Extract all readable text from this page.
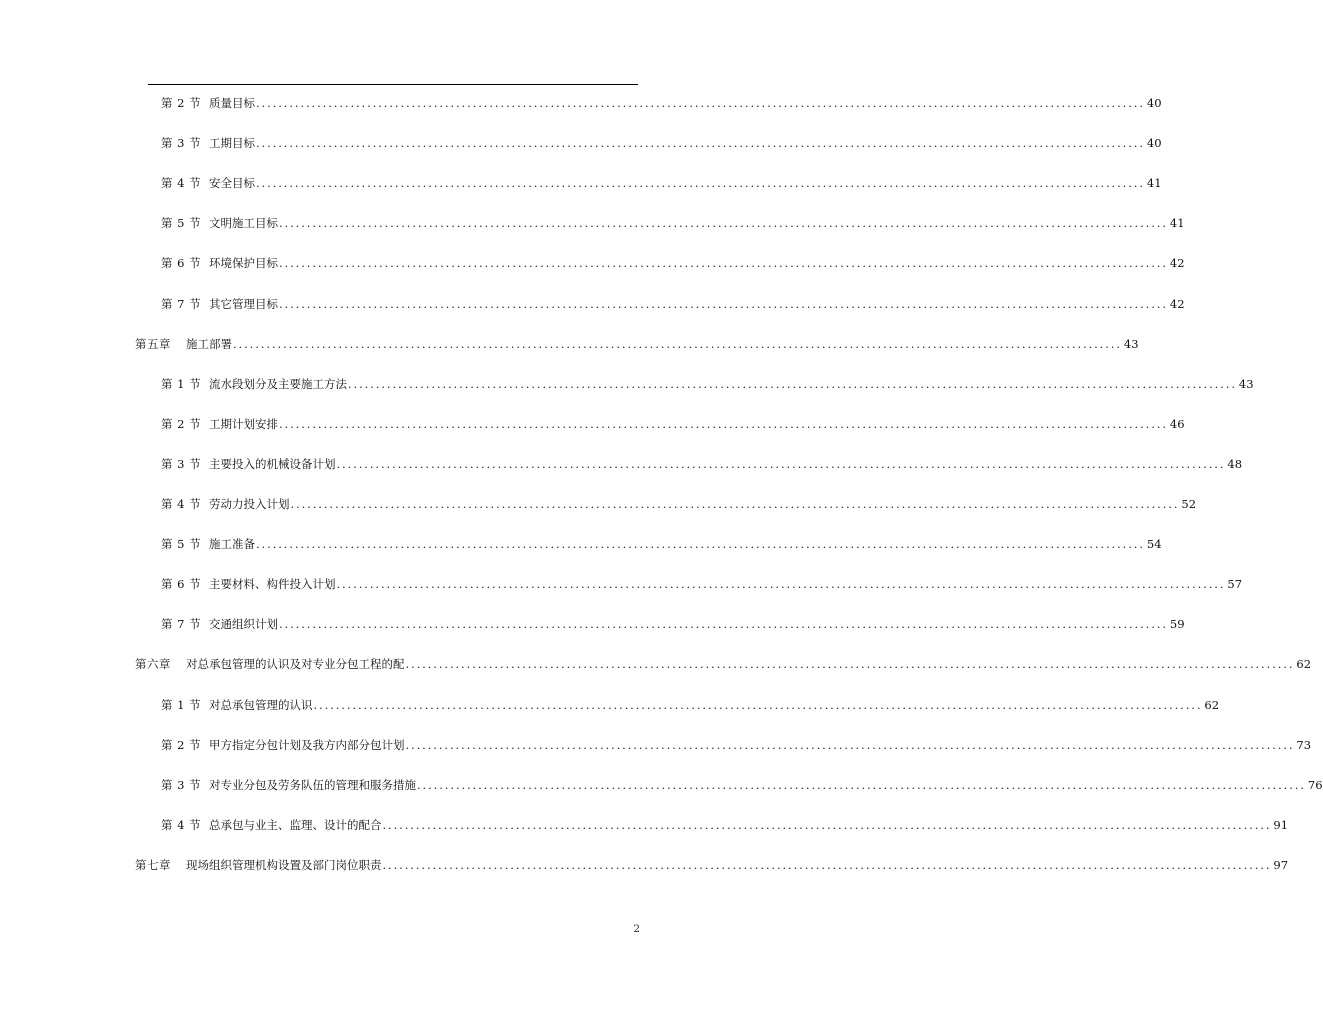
第 2 节 质量目标 ................................................................................................................................................................ 40
第 3 节 工期目标 ................................................................................................................................................................ 40
第 4 节 安全目标 ................................................................................................................................................................ 41
第 5 节 文明施工目标 ................................................................................................................................................................ 41
第 6 节 环境保护目标 ................................................................................................................................................................ 42
第 7 节 其它管理目标 ................................................................................................................................................................ 42
第五章	施工部署 ................................................................................................................................................................ 43
第 1 节 流水段划分及主要施工方法 ................................................................................................................................................................ 43
第 2 节 工期计划安排 ................................................................................................................................................................ 46
第 3 节 主要投入的机械设备计划 ................................................................................................................................................................ 48
第 4 节 劳动力投入计划 ................................................................................................................................................................ 52
第 5 节 施工准备 ................................................................................................................................................................ 54
第 6 节 主要材料、构件投入计划 ................................................................................................................................................................ 57
第 7 节 交通组织计划 ................................................................................................................................................................ 59
第六章	对总承包管理的认识及对专业分包工程的配 ................................................................................................................................................................ 62
第 1 节 对总承包管理的认识 ................................................................................................................................................................ 62
第 2 节 甲方指定分包计划及我方内部分包计划 ................................................................................................................................................................ 73
第 3 节 对专业分包及劳务队伍的管理和服务措施 ................................................................................................................................................................ 76
第 4 节 总承包与业主、监理、设计的配合 ................................................................................................................................................................ 91
第七章	现场组织管理机构设置及部门岗位职责 ................................................................................................................................................................ 97
2
